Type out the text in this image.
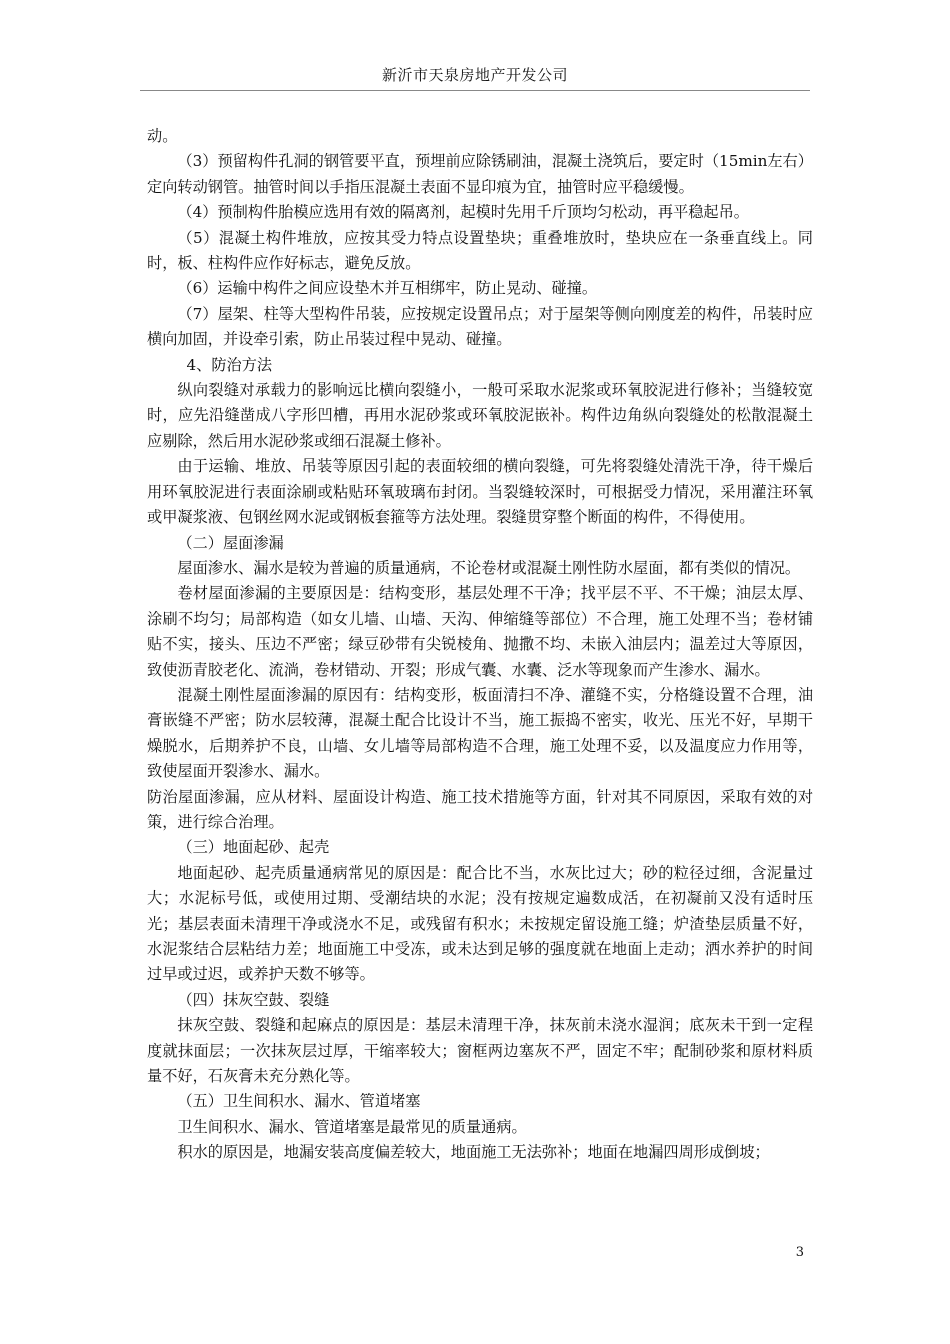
新沂市天泉房地产开发公司

动。

（3）预留构件孔洞的钢管要平直，预埋前应除锈刷油，混凝土浇筑后，要定时（15min左右）定向转动钢管。抽管时间以手指压混凝土表面不显印痕为宜，抽管时应平稳缓慢。

（4）预制构件胎模应选用有效的隔离剂，起模时先用千斤顶均匀松动，再平稳起吊。

（5）混凝土构件堆放，应按其受力特点设置垫块；重叠堆放时，垫块应在一条垂直线上。同时，板、柱构件应作好标志，避免反放。

（6）运输中构件之间应设垫木并互相绑牢，防止晃动、碰撞。

（7）屋架、柱等大型构件吊装，应按规定设置吊点；对于屋架等侧向刚度差的构件，吊装时应横向加固，并设牵引索，防止吊装过程中晃动、碰撞。

4、防治方法

纵向裂缝对承载力的影响远比横向裂缝小，一般可采取水泥浆或环氧胶泥进行修补；当缝较宽时，应先沿缝凿成八字形凹槽，再用水泥砂浆或环氧胶泥嵌补。构件边角纵向裂缝处的松散混凝土应剔除，然后用水泥砂浆或细石混凝土修补。

由于运输、堆放、吊装等原因引起的表面较细的横向裂缝，可先将裂缝处清洗干净，待干燥后用环氧胶泥进行表面涂刷或粘贴环氧玻璃布封闭。当裂缝较深时，可根据受力情况，采用灌注环氧或甲凝浆液、包钢丝网水泥或钢板套箍等方法处理。裂缝贯穿整个断面的构件，不得使用。

（二）屋面渗漏

屋面渗水、漏水是较为普遍的质量通病，不论卷材或混凝土刚性防水屋面，都有类似的情况。

卷材屋面渗漏的主要原因是：结构变形，基层处理不干净；找平层不平、不干燥；油层太厚、涂刷不均匀；局部构造（如女儿墙、山墙、天沟、伸缩缝等部位）不合理，施工处理不当；卷材铺贴不实，接头、压边不严密；绿豆砂带有尖锐棱角、抛撒不均、未嵌入油层内；温差过大等原因，致使沥青胶老化、流淌，卷材错动、开裂；形成气囊、水囊、泛水等现象而产生渗水、漏水。

混凝土刚性屋面渗漏的原因有：结构变形，板面清扫不净、灌缝不实，分格缝设置不合理，油膏嵌缝不严密；防水层较薄，混凝土配合比设计不当，施工振捣不密实，收光、压光不好，早期干燥脱水，后期养护不良，山墙、女儿墙等局部构造不合理，施工处理不妥，以及温度应力作用等，致使屋面开裂渗水、漏水。

防治屋面渗漏，应从材料、屋面设计构造、施工技术措施等方面，针对其不同原因，采取有效的对策，进行综合治理。

（三）地面起砂、起壳

地面起砂、起壳质量通病常见的原因是：配合比不当，水灰比过大；砂的粒径过细，含泥量过大；水泥标号低，或使用过期、受潮结块的水泥；没有按规定遍数成活，在初凝前又没有适时压光；基层表面未清理干净或浇水不足，或残留有积水；未按规定留设施工缝；炉渣垫层质量不好，水泥浆结合层粘结力差；地面施工中受冻，或未达到足够的强度就在地面上走动；洒水养护的时间过早或过迟，或养护天数不够等。

（四）抹灰空鼓、裂缝

抹灰空鼓、裂缝和起麻点的原因是：基层未清理干净，抹灰前未浇水湿润；底灰未干到一定程度就抹面层；一次抹灰层过厚，干缩率较大；窗框两边塞灰不严，固定不牢；配制砂浆和原材料质量不好，石灰膏未充分熟化等。

（五）卫生间积水、漏水、管道堵塞

卫生间积水、漏水、管道堵塞是最常见的质量通病。

积水的原因是，地漏安装高度偏差较大，地面施工无法弥补；地面在地漏四周形成倒坡；

3
